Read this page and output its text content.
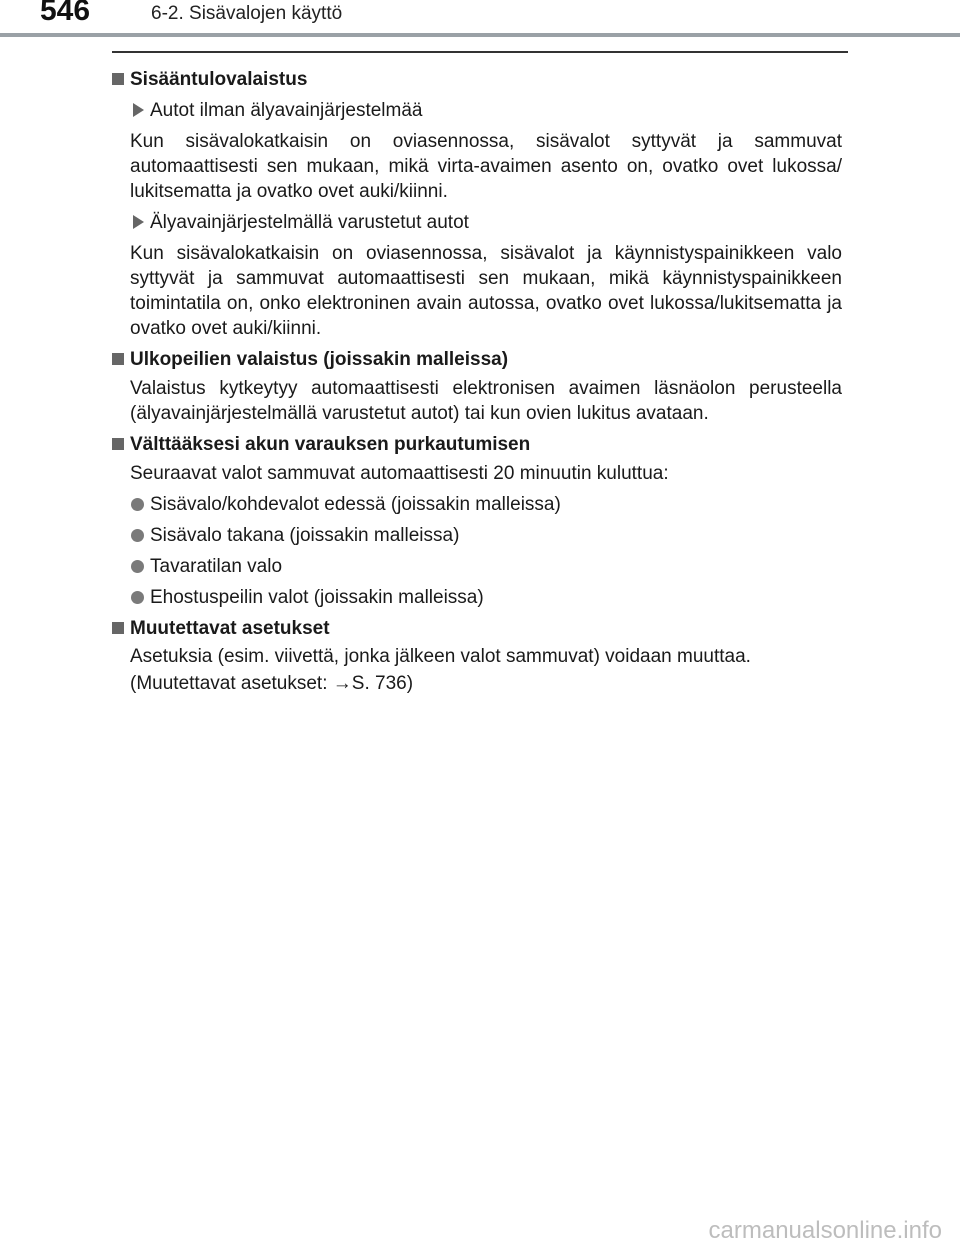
546	6-2. Sisävalojen käyttö
Sisääntulovalaistus
Autot ilman älyavainjärjestelmää
Kun sisävalokatkaisin on oviasennossa, sisävalot syttyvät ja sammuvat automaattisesti sen mukaan, mikä virta-avaimen asento on, ovatko ovet lukossa/ lukitsematta ja ovatko ovet auki/kiinni.
Älyavainjärjestelmällä varustetut autot
Kun sisävalokatkaisin on oviasennossa, sisävalot ja käynnistyspainikkeen valo syttyvät ja sammuvat automaattisesti sen mukaan, mikä käynnistyspainikkeen toimintatila on, onko elektroninen avain autossa, ovatko ovet lukossa/lukitsematta ja ovatko ovet auki/kiinni.
Ulkopeilien valaistus (joissakin malleissa)
Valaistus kytkeytyy automaattisesti elektronisen avaimen läsnäolon perusteella (älyavainjärjestelmällä varustetut autot) tai kun ovien lukitus avataan.
Välttääksesi akun varauksen purkautumisen
Seuraavat valot sammuvat automaattisesti 20 minuutin kuluttua:
Sisävalo/kohdevalot edessä (joissakin malleissa)
Sisävalo takana (joissakin malleissa)
Tavaratilan valo
Ehostuspeilin valot (joissakin malleissa)
Muutettavat asetukset
Asetuksia (esim. viivettä, jonka jälkeen valot sammuvat) voidaan muuttaa.
(Muutettavat asetukset: →S. 736)
carmanualsonline.info
